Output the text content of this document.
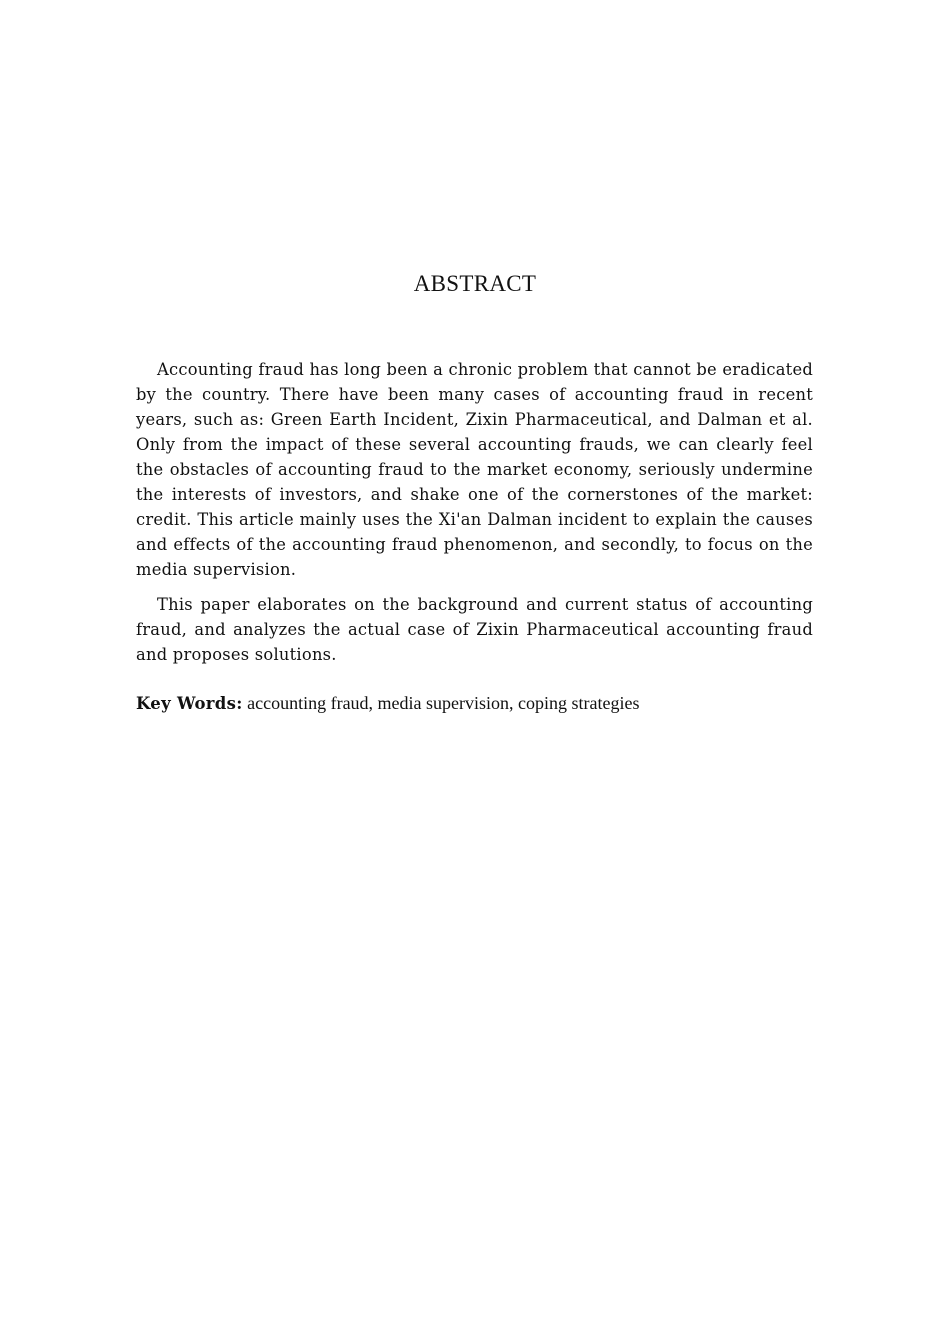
ABSTRACT

Accounting fraud has long been a chronic problem that cannot be eradicated by the country. There have been many cases of accounting fraud in recent years, such as: Green Earth Incident, Zixin Pharmaceutical, and Dalman et al. Only from the impact of these several accounting frauds, we can clearly feel the obstacles of accounting fraud to the market economy, seriously undermine the interests of investors, and shake one of the cornerstones of the market: credit. This article mainly uses the Xi'an Dalman incident to explain the causes and effects of the accounting fraud phenomenon, and secondly, to focus on the media supervision.

This paper elaborates on the background and current status of accounting fraud, and analyzes the actual case of Zixin Pharmaceutical accounting fraud and proposes solutions.

Key Words: accounting fraud, media supervision, coping strategies
